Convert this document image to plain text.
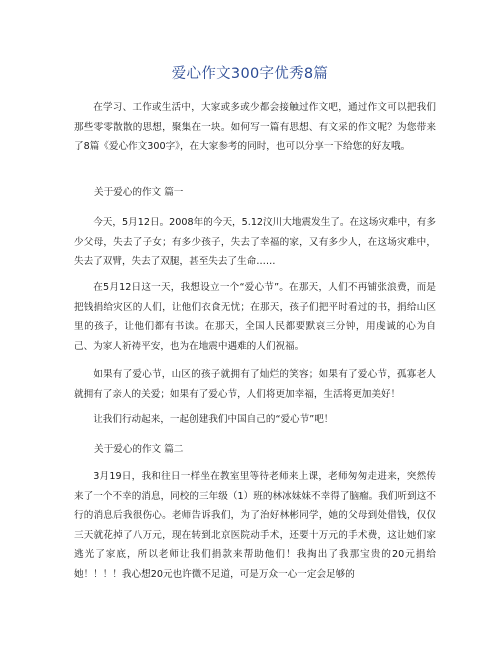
爱心作文300字优秀8篇

在学习、工作或生活中，大家或多或少都会接触过作文吧，通过作文可以把我们那些零零散散的思想，聚集在一块。如何写一篇有思想、有文采的作文呢？为您带来了8篇《爱心作文300字》，在大家参考的同时，也可以分享一下给您的好友哦。

关于爱心的作文 篇一

今天，5月12日。2008年的今天，5.12汶川大地震发生了。在这场灾难中，有多少父母，失去了子女；有多少孩子，失去了幸福的家，又有多少人，在这场灾难中，失去了双臂，失去了双腿，甚至失去了生命……

在5月12日这一天，我想设立一个“爱心节”。在那天，人们不再铺张浪费，而是把钱捐给灾区的人们，让他们衣食无忧；在那天，孩子们把平时看过的书，捐给山区里的孩子，让他们都有书读。在那天，全国人民都要默哀三分钟，用虔诚的心为自己、为家人祈祷平安，也为在地震中遇难的人们祝福。

如果有了爱心节，山区的孩子就拥有了灿烂的笑容；如果有了爱心节，孤寡老人就拥有了亲人的关爱；如果有了爱心节，人们将更加幸福，生活将更加美好！

让我们行动起来，一起创建我们中国自己的“爱心节”吧！

关于爱心的作文 篇二

3月19日，我和往日一样坐在教室里等待老师来上课，老师匆匆走进来，突然传来了一个不幸的消息，同校的三年级（1）班的林冰妹妹不幸得了脑瘤。我们听到这不行的消息后我很伤心。老师告诉我们，为了治好林彬同学，她的父母到处借钱，仅仅三天就花掉了八万元，现在转到北京医院动手术，还要十万元的手术费，这让她们家逃光了家底，所以老师让我们捐款来帮助他们！我掏出了我那宝贵的20元捐给她！！！！我心想20元也许微不足道，可是万众一心一定会足够的
